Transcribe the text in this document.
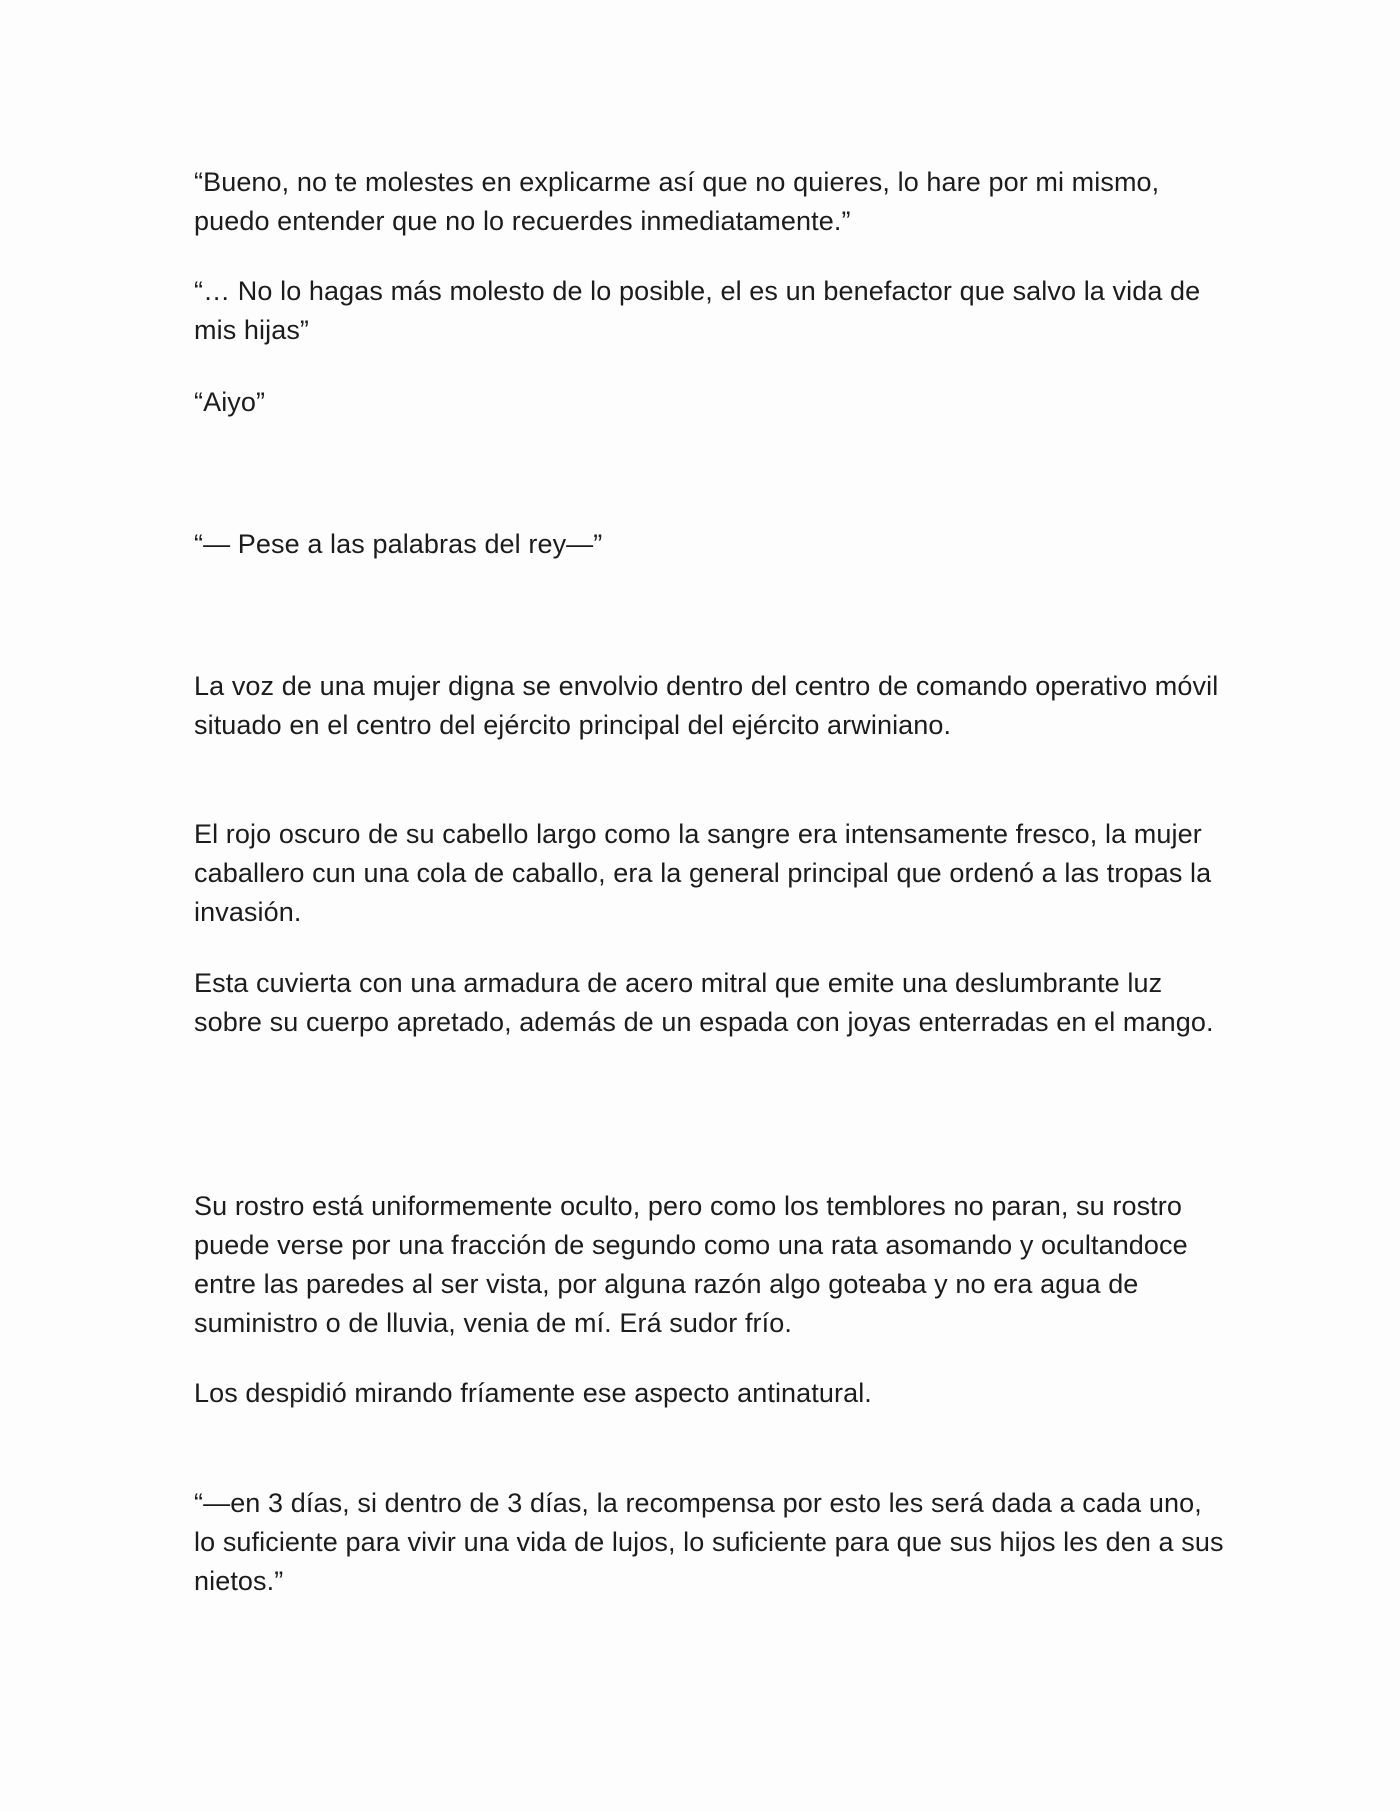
“Bueno, no te molestes en explicarme así que no quieres, lo hare por mi mismo, puedo entender que no lo recuerdes inmediatamente.”

“… No lo hagas más molesto de lo posible, el es un benefactor que salvo la vida de mis hijas”

“Aiyo”

“— Pese a las palabras del rey—”

La voz de una mujer digna se envolvio dentro del centro de comando operativo móvil situado en el centro del ejército principal del ejército arwiniano.

El rojo oscuro de su cabello largo como la sangre era intensamente fresco, la mujer caballero cun una cola de caballo, era la general principal que ordenó a las tropas la invasión.

Esta cuvierta con una armadura de acero mitral que emite una deslumbrante luz sobre su cuerpo apretado, además de un espada con joyas enterradas en el mango.

Su rostro está uniformemente oculto, pero como los temblores no paran, su rostro puede verse por una fracción de segundo como una rata asomando y ocultandoce entre las paredes al ser vista, por alguna razón algo goteaba y no era agua de suministro o de lluvia, venia de mí. Erá sudor frío.

Los despidió mirando fríamente ese aspecto antinatural.

“—en 3 días, si dentro de 3 días, la recompensa por esto les será dada a cada uno, lo suficiente para vivir una vida de lujos, lo suficiente para que sus hijos les den a sus nietos.”
